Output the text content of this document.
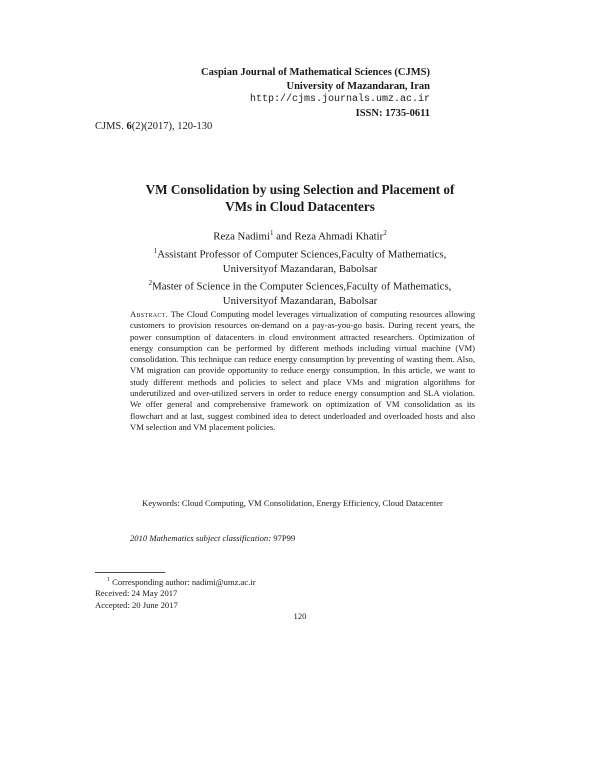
Caspian Journal of Mathematical Sciences (CJMS)
University of Mazandaran, Iran
http://cjms.journals.umz.ac.ir
ISSN: 1735-0611
CJMS. 6(2)(2017), 120-130
VM Consolidation by using Selection and Placement of
VMs in Cloud Datacenters
Reza Nadimi$^1$ and Reza Ahmadi Khatir$^2$
$^1$Assistant Professor of Computer Sciences,Faculty of Mathematics,
Universityof Mazandaran, Babolsar
$^2$Master of Science in the Computer Sciences,Faculty of Mathematics,
Universityof Mazandaran, Babolsar
Abstract. The Cloud Computing model leverages virtualization of computing resources allowing customers to provision resources on-demand on a pay-as-you-go basis. During recent years, the power consumption of datacenters in cloud environment attracted researchers. Optimization of energy consumption can be performed by different methods including virtual machine (VM) consolidation. This technique can reduce energy consumption by preventing of wasting them. Also, VM migration can provide opportunity to reduce energy consumption. In this article, we want to study different methods and policies to select and place VMs and migration algorithms for underutilized and over-utilized servers in order to reduce energy consumption and SLA violation. We offer general and comprehensive framework on optimization of VM consolidation as its flowchart and at last, suggest combined idea to detect underloaded and overloaded hosts and also VM selection and VM placement policies.
Keywords: Cloud Computing, VM Consolidation, Energy Efficiency, Cloud Datacenter
2010 Mathematics subject classification: 97P99
$^1$ Corresponding author: nadimi@umz.ac.ir
Received: 24 May 2017
Accepted: 20 June 2017
120
